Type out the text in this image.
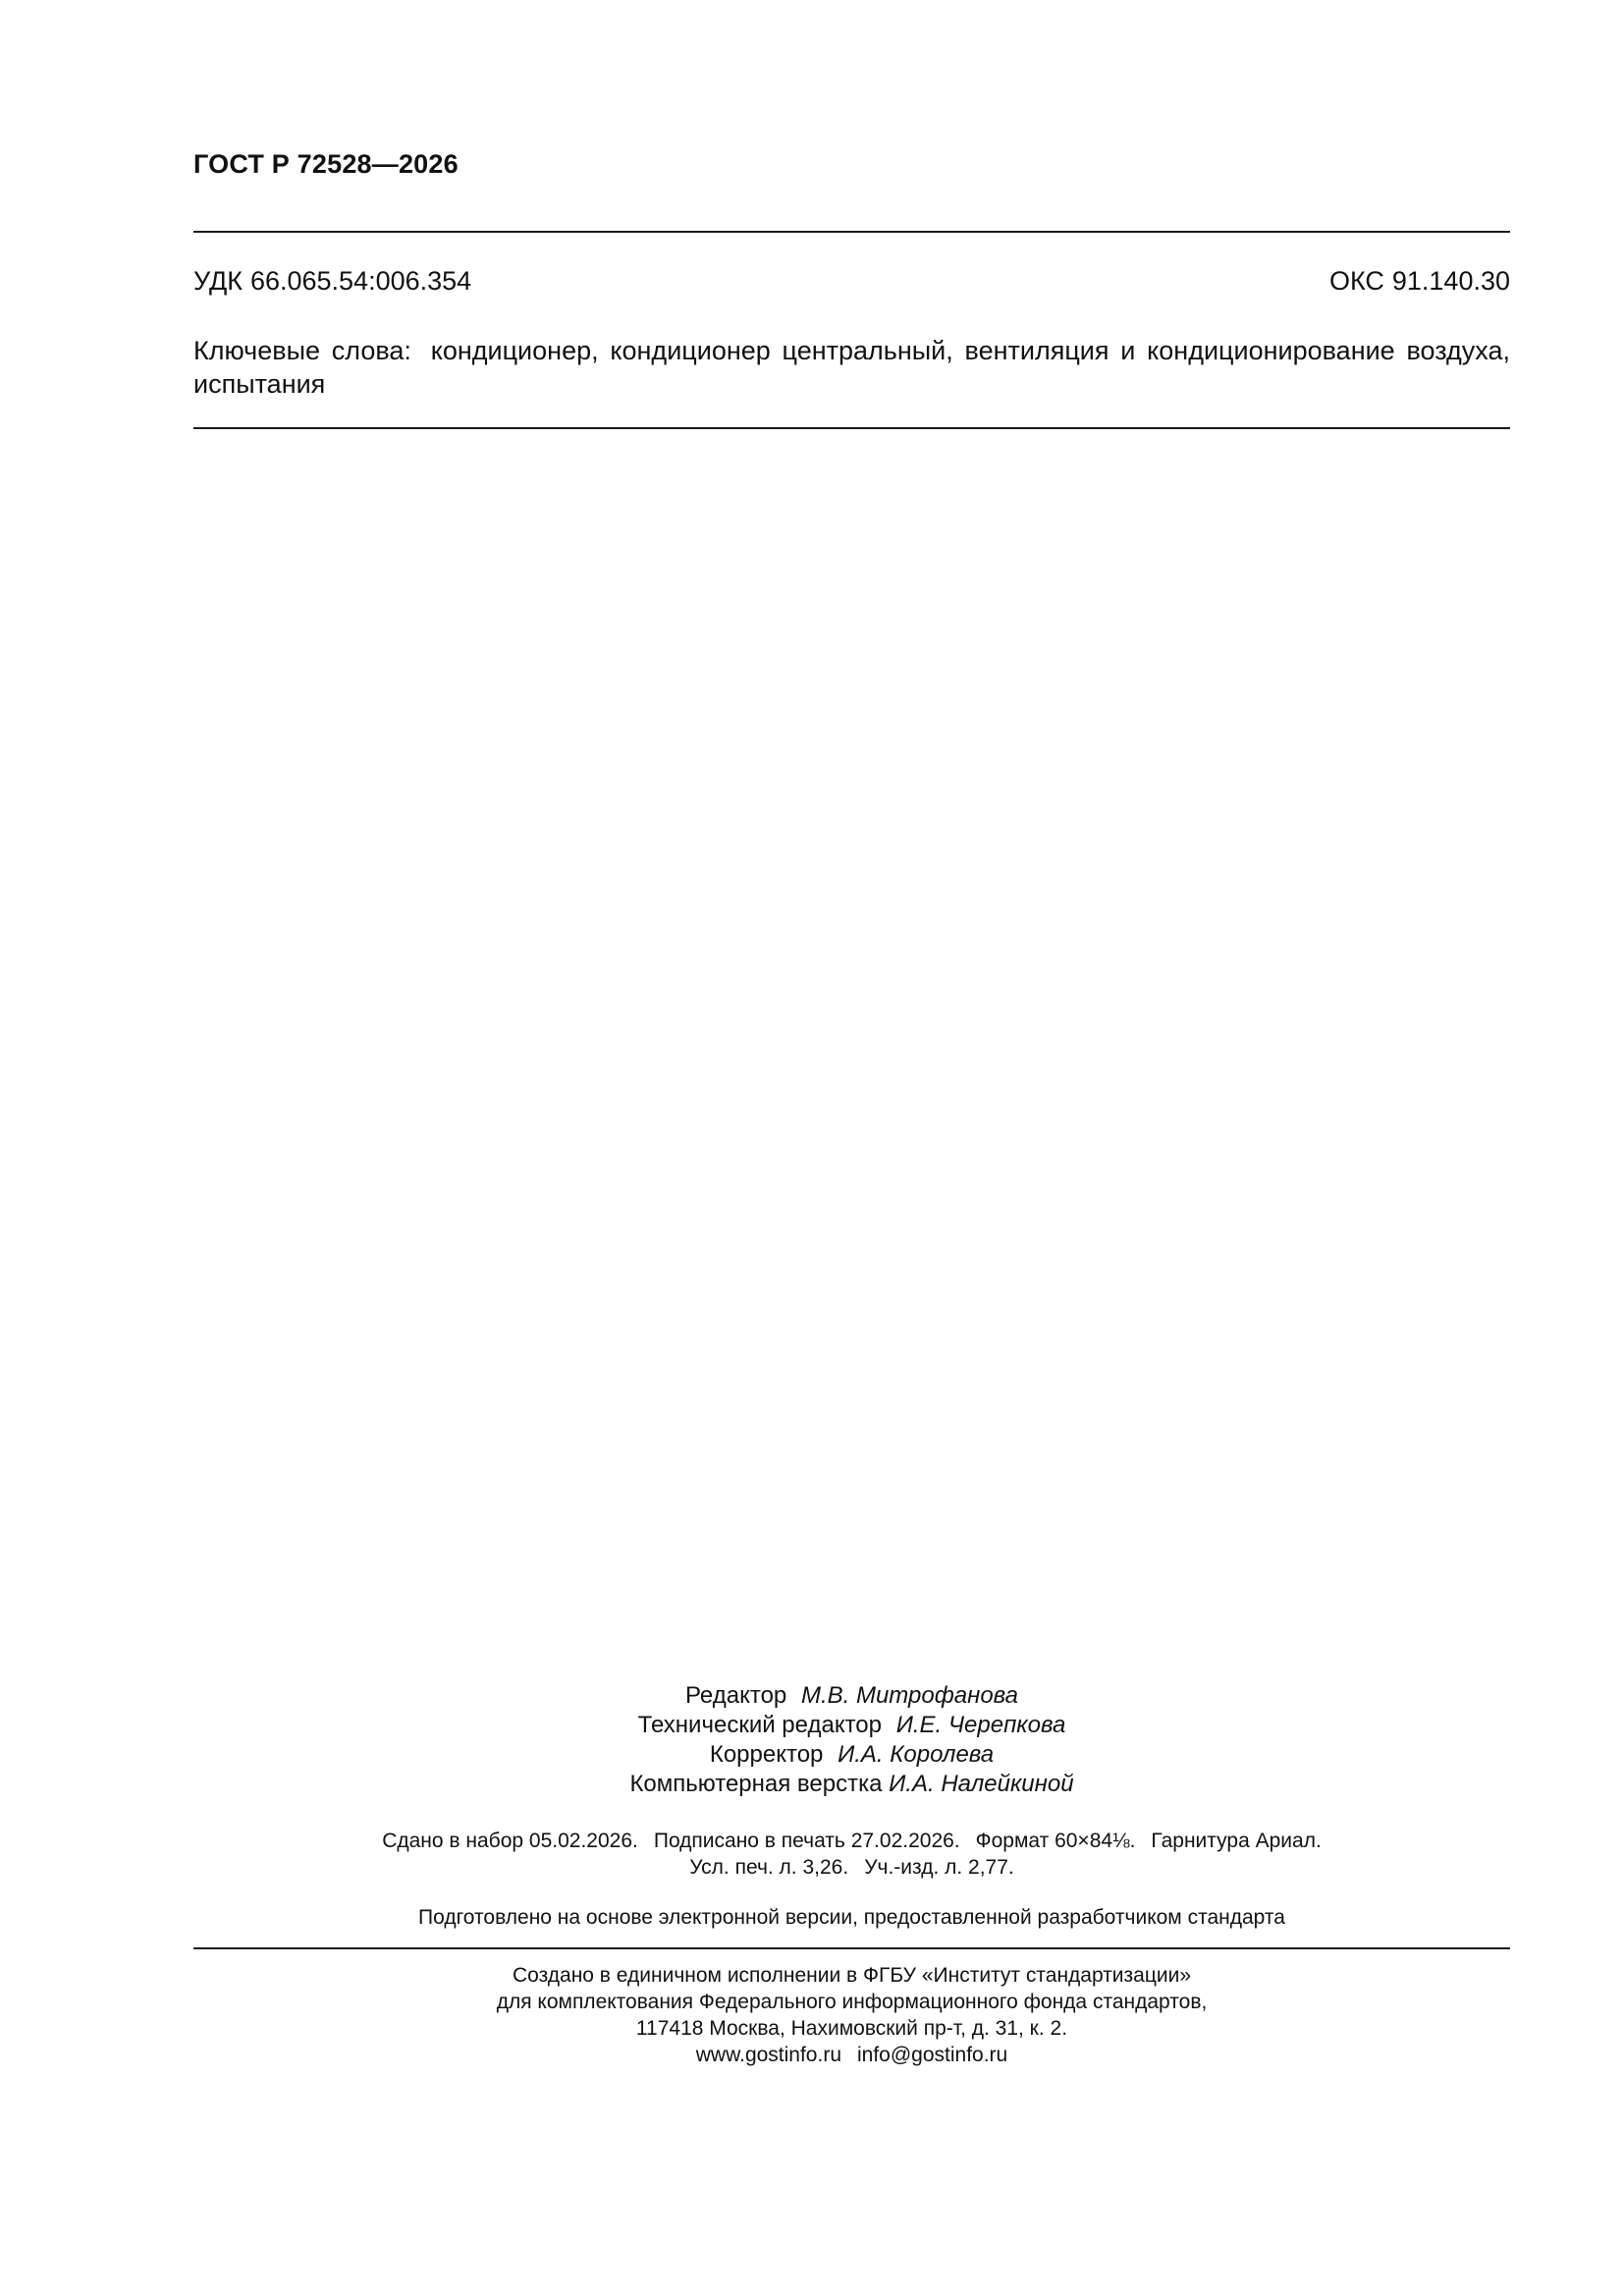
ГОСТ Р 72528—2026
УДК 66.065.54:006.354	ОКС 91.140.30
Ключевые слова: кондиционер, кондиционер центральный, вентиляция и кондиционирование воздуха, испытания
Редактор М.В. Митрофанова
Технический редактор И.Е. Черепкова
Корректор И.А. Королева
Компьютерная верстка И.А. Налейкиной
Сдано в набор 05.02.2026. Подписано в печать 27.02.2026. Формат 60×84⅛. Гарнитура Ариал.
Усл. печ. л. 3,26. Уч.-изд. л. 2,77.
Подготовлено на основе электронной версии, предоставленной разработчиком стандарта
Создано в единичном исполнении в ФГБУ «Институт стандартизации»
для комплектования Федерального информационного фонда стандартов,
117418 Москва, Нахимовский пр-т, д. 31, к. 2.
www.gostinfo.ru info@gostinfo.ru
